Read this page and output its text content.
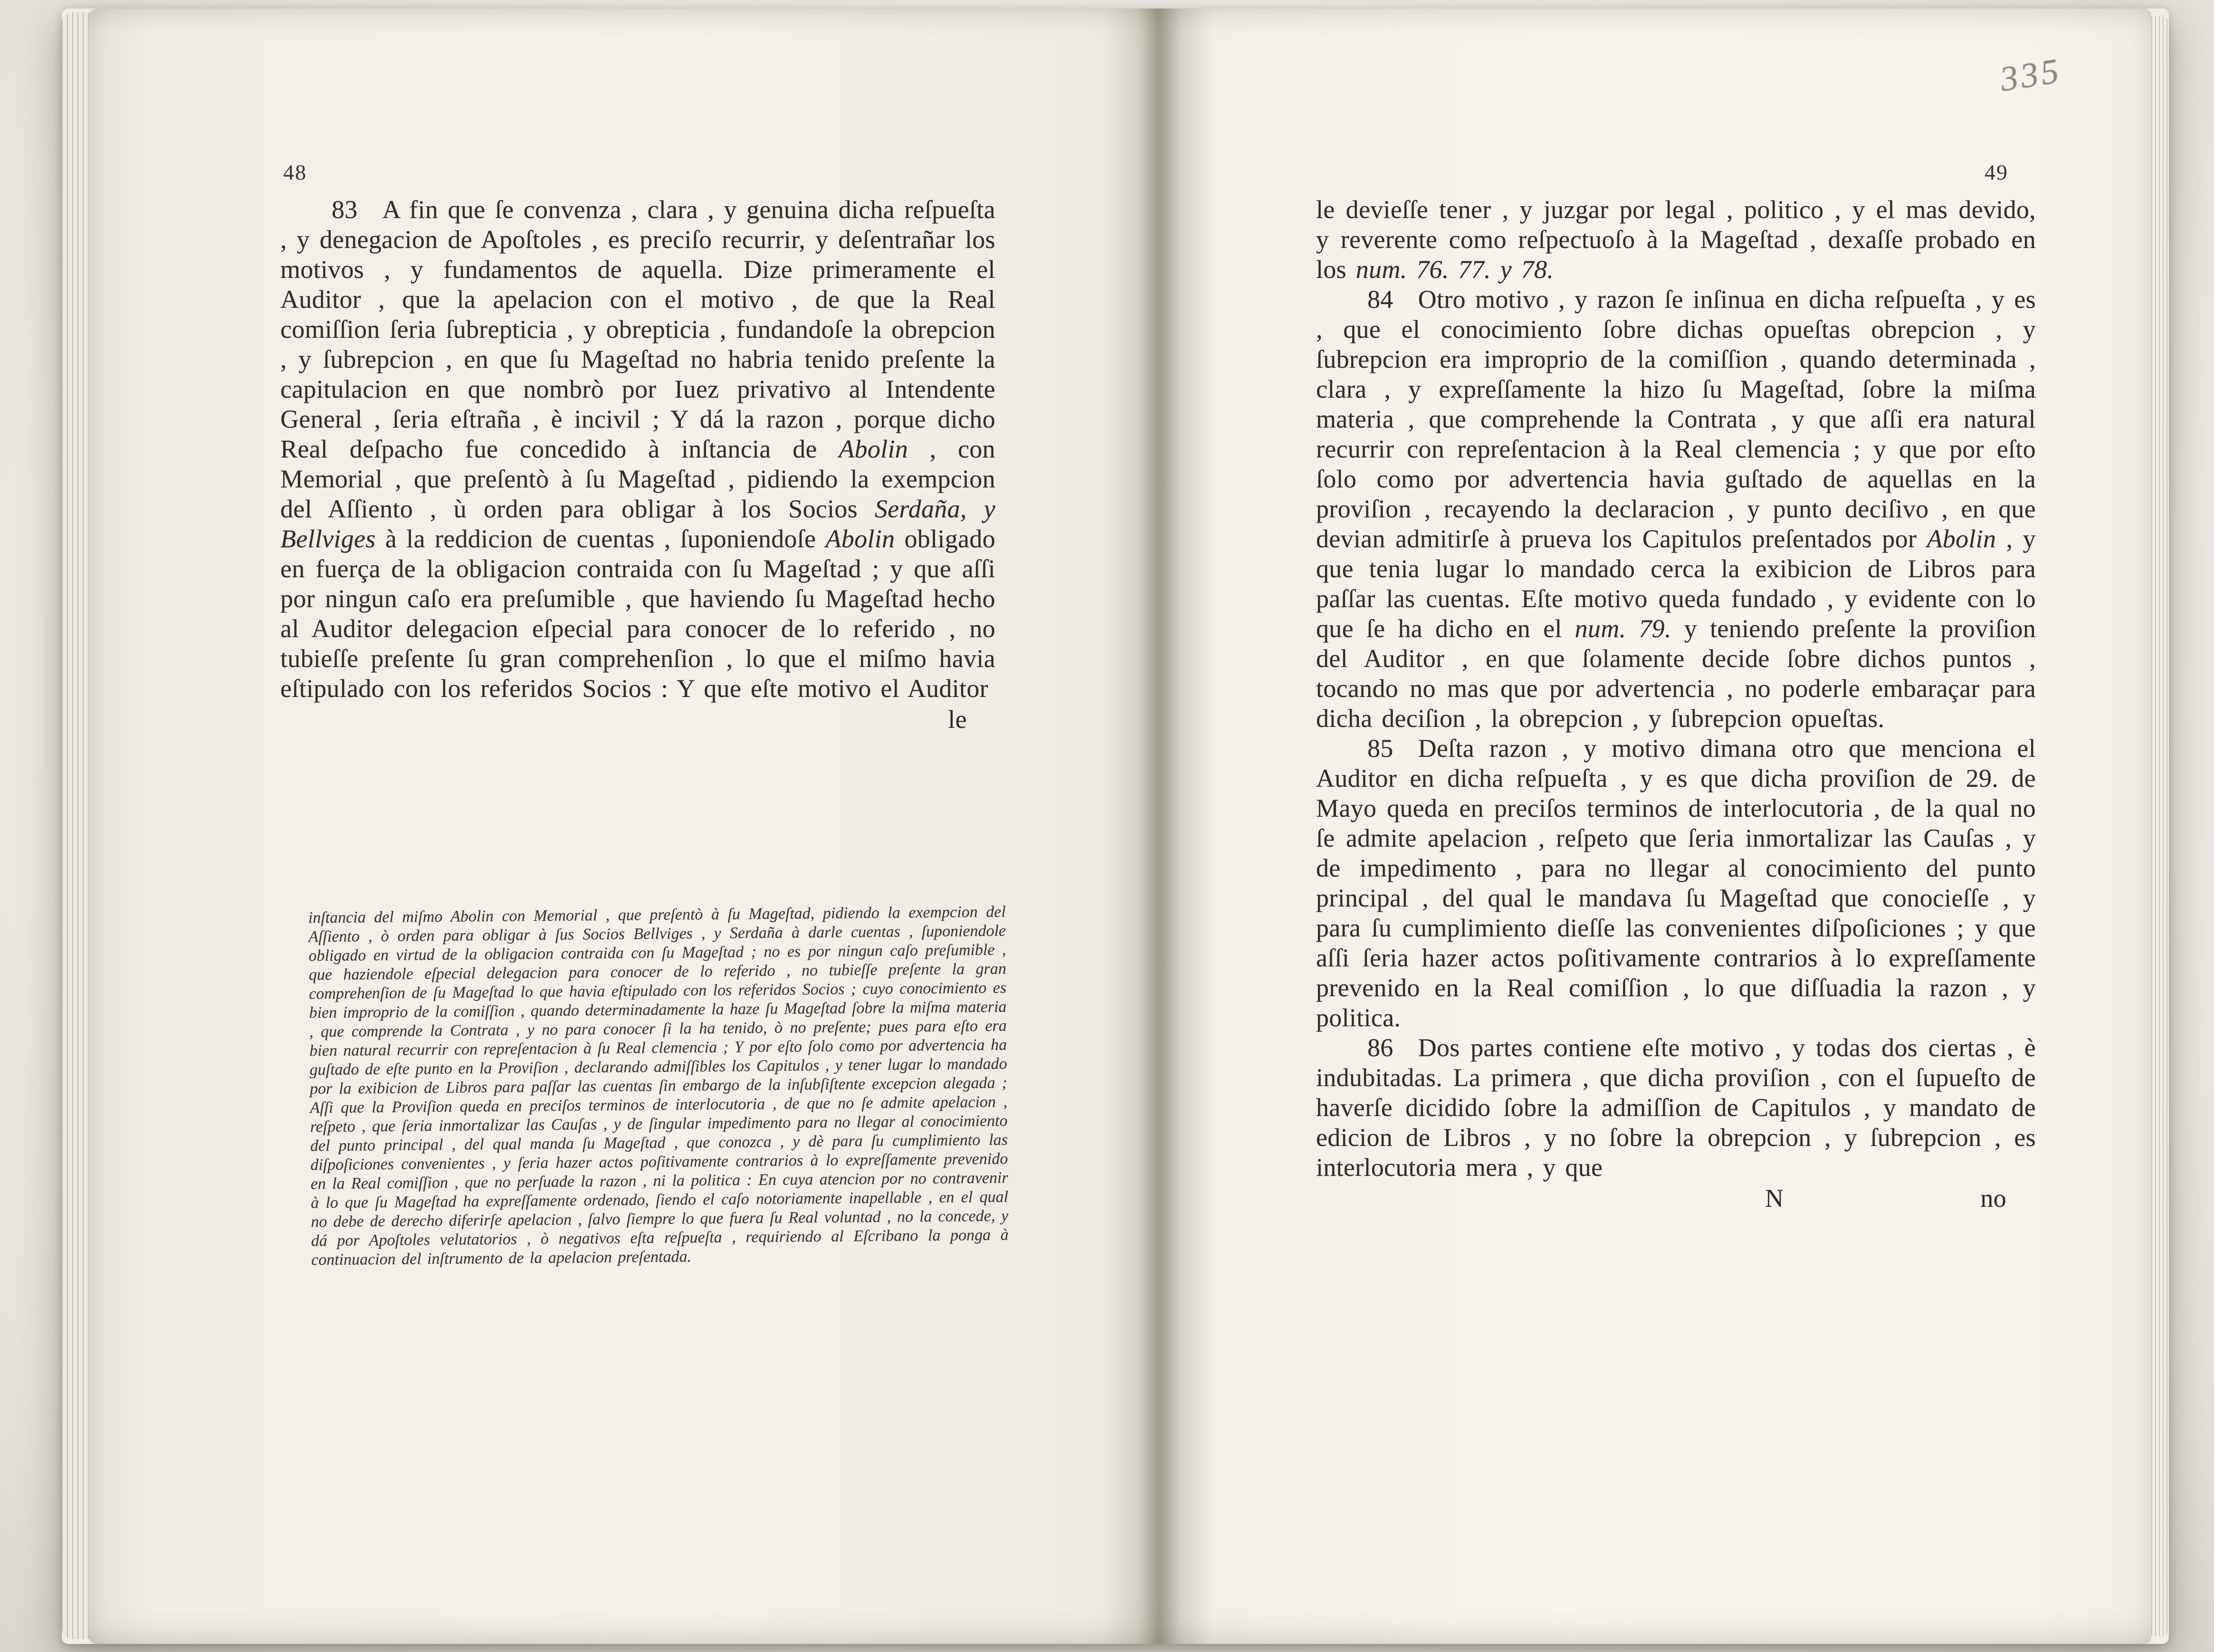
48

83 A fin que ſe convenza , clara , y genuina dicha reſpueſta , y denegacion de Apoſtoles , es preciſo recurrir, y deſentrañar los motivos , y fundamentos de aquella. Dize primeramente el Auditor , que la apelacion con el motivo , de que la Real comiſſion ſeria ſubrepticia , y obrepticia , fundandoſe la obrepcion , y ſubrepcion , en que ſu Mageſtad no habria tenido preſente la capitulacion en que nombrò por Iuez privativo al Intendente General , ſeria eſtraña , è incivil ; Y dá la razon , porque dicho Real deſpacho fue concedido à inſtancia de Abolin , con Memorial , que preſentò à ſu Mageſtad , pidiendo la exempcion del Aſſiento , ù orden para obligar à los Socios Serdaña, y Bellviges à la reddicion de cuentas , ſuponiendoſe Abolin obligado en fuerça de la obligacion contraida con ſu Mageſtad ; y que aſſi por ningun caſo era preſumible , que haviendo ſu Mageſtad hecho al Auditor delegacion eſpecial para conocer de lo referido , no tubieſſe preſente ſu gran comprehenſion , lo que el miſmo havia eſtipulado con los referidos Socios : Y que eſte motivo el Auditor

le
inſtancia del miſmo Abolin con Memorial , que preſentò à ſu Mageſtad, pidiendo la exempcion del Aſſiento , ò orden para obligar à ſus Socios Bellviges , y Serdaña à darle cuentas , ſuponiendole obligado en virtud de la obligacion contraida con ſu Mageſtad ; no es por ningun caſo preſumible , que haziendole eſpecial delegacion para conocer de lo referido , no tubieſſe preſente la gran comprehenſion de ſu Mageſtad lo que havia eſtipulado con los referidos Socios ; cuyo conocimiento es bien improprio de la comiſſion , quando determinadamente la haze ſu Mageſtad ſobre la miſma materia , que comprende la Contrata , y no para conocer ſi la ha tenido, ò no preſente; pues para eſto era bien natural recurrir con repreſentacion à ſu Real clemencia ; Y por eſto ſolo como por advertencia ha guſtado de eſte punto en la Proviſion , declarando admiſſibles los Capitulos , y tener lugar lo mandado por la exibicion de Libros para paſſar las cuentas ſin embargo de la inſubſiſtente excepcion alegada ; Aſſi que la Proviſion queda en preciſos terminos de interlocutoria , de que no ſe admite apelacion , reſpeto , que ſeria inmortalizar las Cauſas , y de ſingular impedimento para no llegar al conocimiento del punto principal , del qual manda ſu Mageſtad , que conozca , y dè para ſu cumplimiento las diſpoſiciones convenientes , y ſeria hazer actos poſitivamente contrarios à lo expreſſamente prevenido en la Real comiſſion , que no perſuade la razon , ni la politica : En cuya atencion por no contravenir à lo que ſu Mageſtad ha expreſſamente ordenado, ſiendo el caſo notoriamente inapellable , en el qual no debe de derecho diferirſe apelacion , ſalvo ſiempre lo que fuera ſu Real voluntad , no la concede, y dá por Apoſtoles velutatorios , ò negativos eſta reſpueſta , requiriendo al Eſcribano la ponga à continuacion del inſtrumento de la apelacion preſentada.
335
49

le devieſſe tener , y juzgar por legal , politico , y el mas devido, y reverente como reſpectuoſo à la Mageſtad , dexaſſe probado en los num. 76. 77. y 78.

84 Otro motivo , y razon ſe inſinua en dicha reſpueſta , y es , que el conocimiento ſobre dichas opueſtas obrepcion , y ſubrepcion era improprio de la comiſſion , quando determinada , clara , y expreſſamente la hizo ſu Mageſtad, ſobre la miſma materia , que comprehende la Contrata , y que aſſi era natural recurrir con repreſentacion à la Real clemencia ; y que por eſto ſolo como por advertencia havia guſtado de aquellas en la proviſion , recayendo la declaracion , y punto deciſivo , en que devian admitirſe à prueva los Capitulos preſentados por Abolin , y que tenia lugar lo mandado cerca la exibicion de Libros para paſſar las cuentas. Eſte motivo queda fundado , y evidente con lo que ſe ha dicho en el num. 79. y teniendo preſente la proviſion del Auditor , en que ſolamente decide ſobre dichos puntos , tocando no mas que por advertencia , no poderle embaraçar para dicha deciſion , la obrepcion , y ſubrepcion opueſtas.

85 Deſta razon , y motivo dimana otro que menciona el Auditor en dicha reſpueſta , y es que dicha proviſion de 29. de Mayo queda en preciſos terminos de interlocutoria , de la qual no ſe admite apelacion , reſpeto que ſeria inmortalizar las Cauſas , y de impedimento , para no llegar al conocimiento del punto principal , del qual le mandava ſu Mageſtad que conocieſſe , y para ſu cumplimiento dieſſe las convenientes diſpoſiciones ; y que aſſi ſeria hazer actos poſitivamente contrarios à lo expreſſamente prevenido en la Real comiſſion , lo que diſſuadia la razon , y politica.

86 Dos partes contiene eſte motivo , y todas dos ciertas , è indubitadas. La primera , que dicha proviſion , con el ſupueſto de haverſe dicidido ſobre la admiſſion de Capitulos , y mandato de edicion de Libros , y no ſobre la obrepcion , y ſubrepcion , es interlocutoria mera , y que

N	no
